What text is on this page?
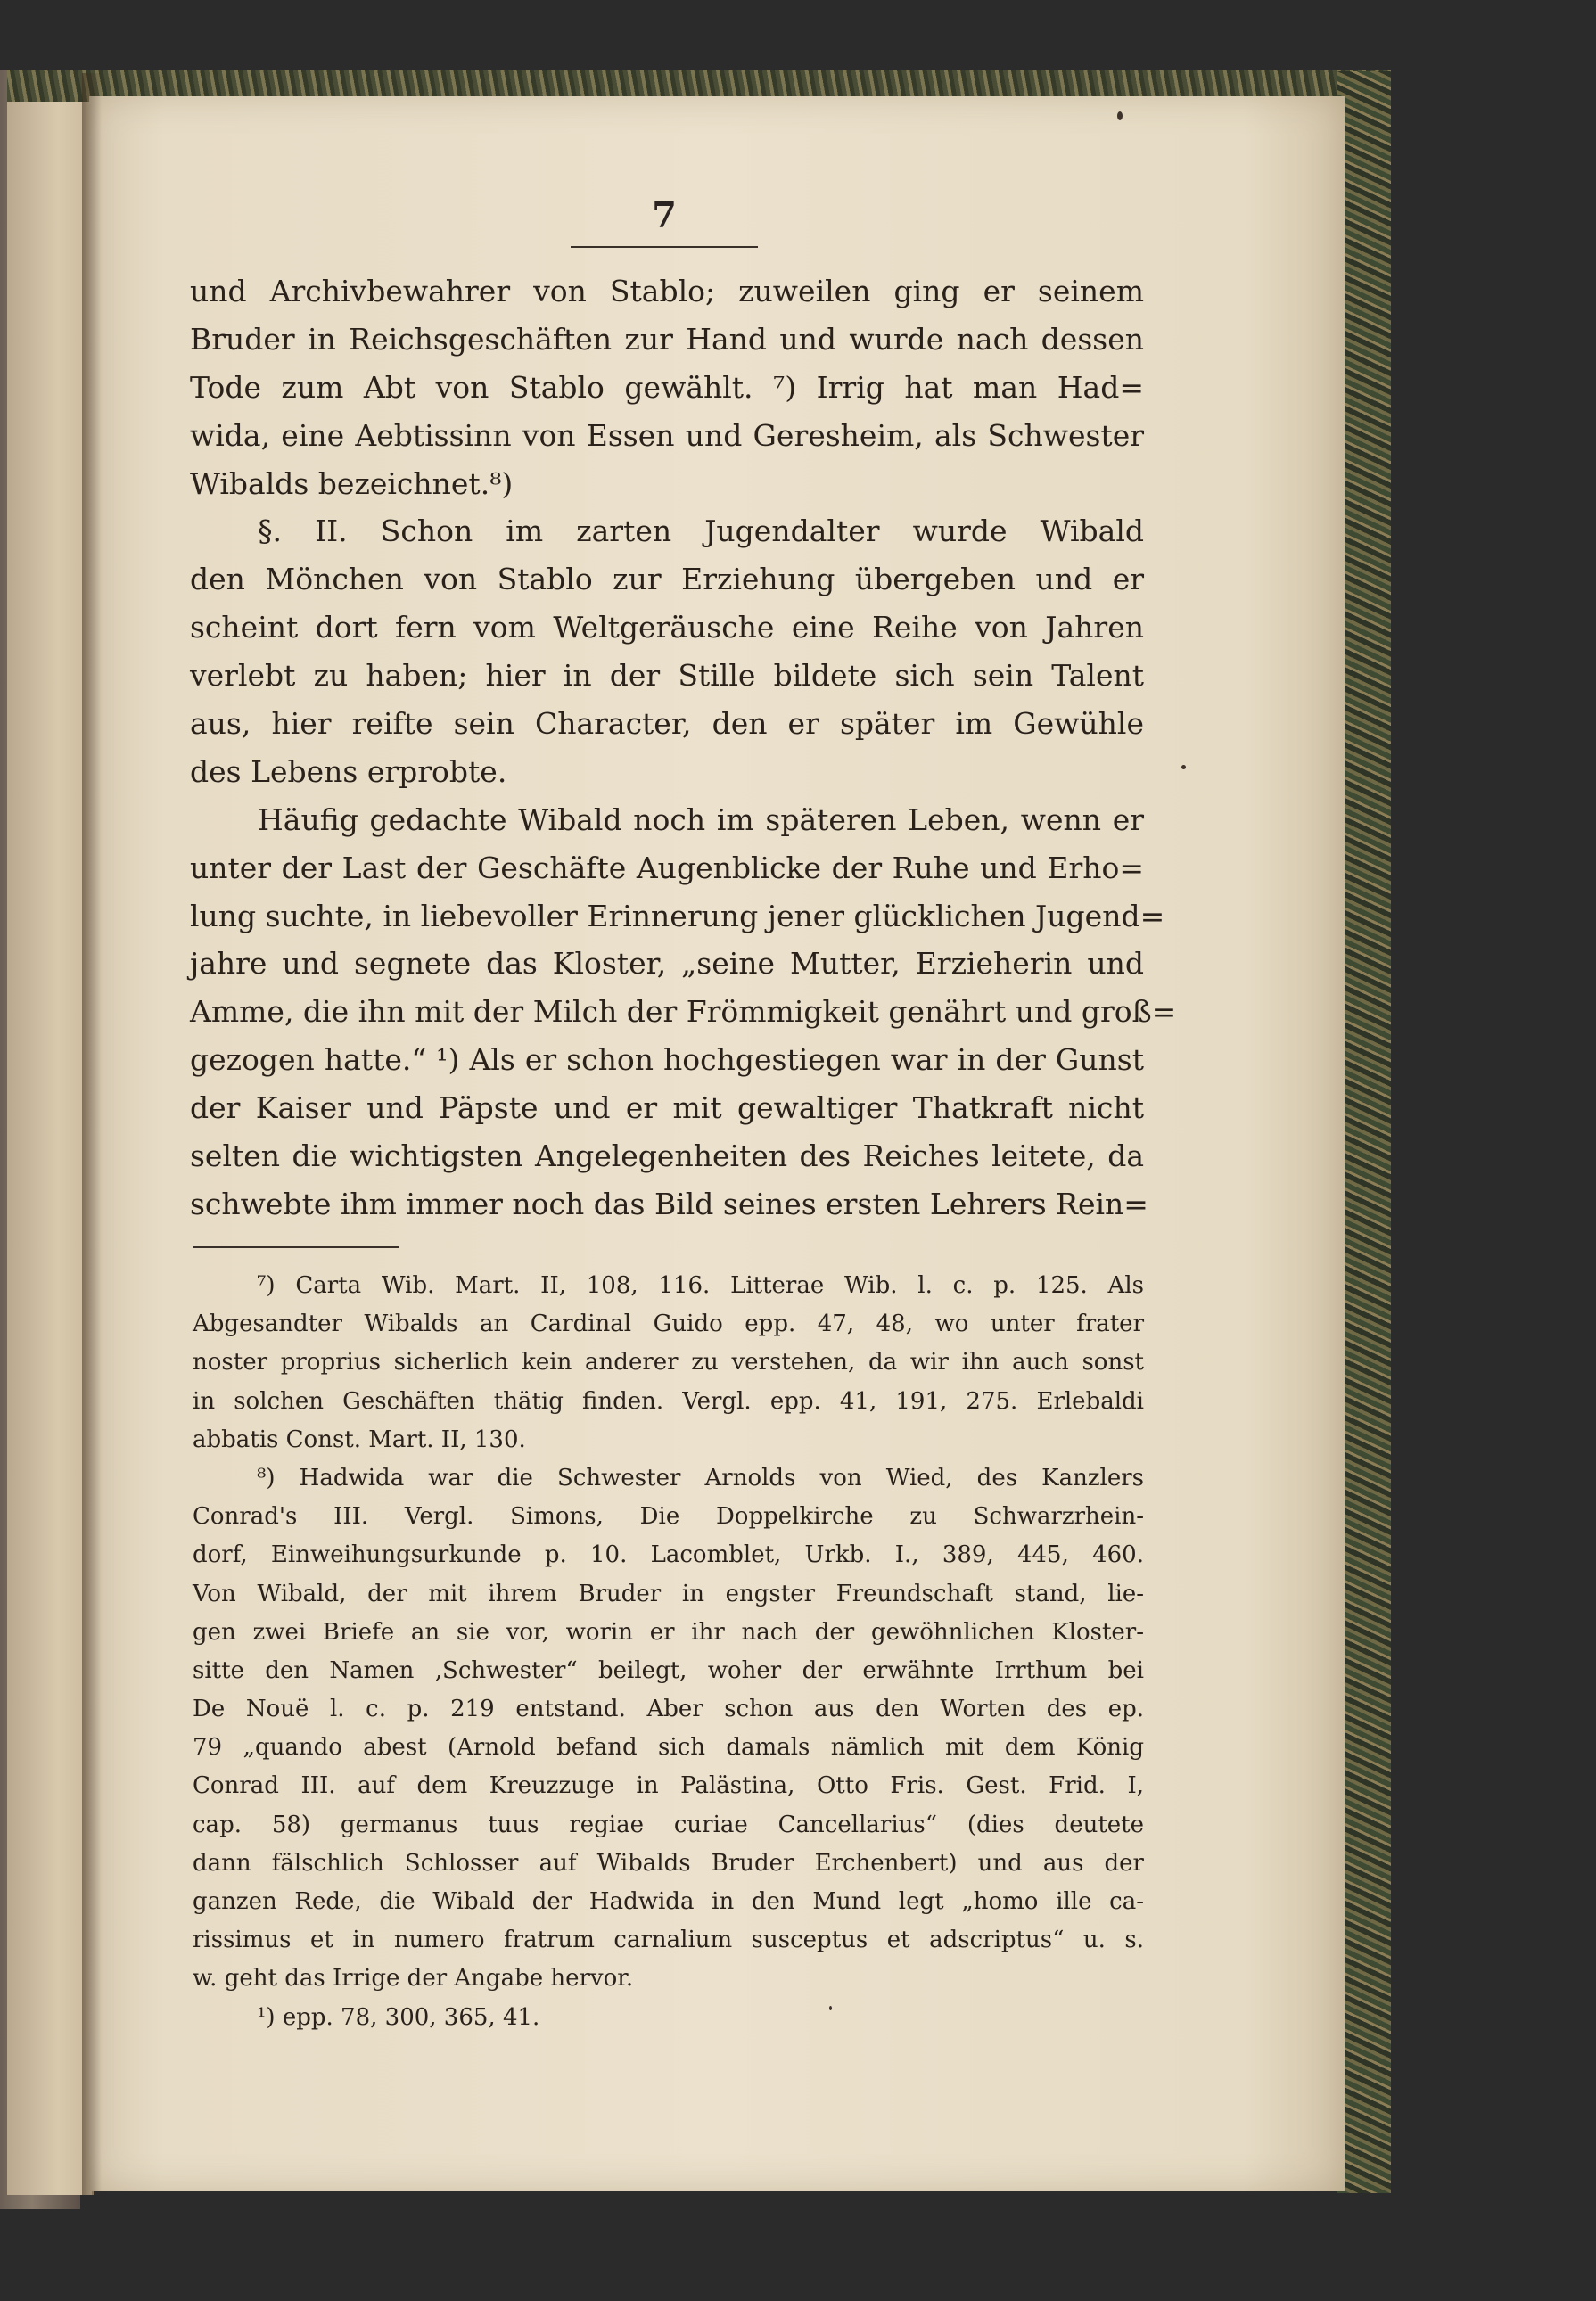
7
und Archivbewahrer von Stablo; zuweilen ging er seinem
Bruder in Reichsgeschäften zur Hand und wurde nach dessen
Tode zum Abt von Stablo gewählt. ⁷) Irrig hat man Had=
wida, eine Aebtissinn von Essen und Geresheim, als Schwester
Wibalds bezeichnet.⁸)
§. II. Schon im zarten Jugendalter wurde Wibald
den Mönchen von Stablo zur Erziehung übergeben und er
scheint dort fern vom Weltgeräusche eine Reihe von Jahren
verlebt zu haben; hier in der Stille bildete sich sein Talent
aus, hier reifte sein Character, den er später im Gewühle
des Lebens erprobte.
Häufig gedachte Wibald noch im späteren Leben, wenn er
unter der Last der Geschäfte Augenblicke der Ruhe und Erho=
lung suchte, in liebevoller Erinnerung jener glücklichen Jugend=
jahre und segnete das Kloster, „seine Mutter, Erzieherin und
Amme, die ihn mit der Milch der Frömmigkeit genährt und groß=
gezogen hatte.“ ¹) Als er schon hochgestiegen war in der Gunst
der Kaiser und Päpste und er mit gewaltiger Thatkraft nicht
selten die wichtigsten Angelegenheiten des Reiches leitete, da
schwebte ihm immer noch das Bild seines ersten Lehrers Rein=
⁷) Carta Wib. Mart. II, 108, 116. Litterae Wib. l. c. p. 125. Als
Abgesandter Wibalds an Cardinal Guido epp. 47, 48, wo unter frater
noster proprius sicherlich kein anderer zu verstehen, da wir ihn auch sonst
in solchen Geschäften thätig finden. Vergl. epp. 41, 191, 275. Erlebaldi
abbatis Const. Mart. II, 130.
⁸) Hadwida war die Schwester Arnolds von Wied, des Kanzlers
Conrad's III. Vergl. Simons, Die Doppelkirche zu Schwarzrhein-
dorf, Einweihungsurkunde p. 10. Lacomblet, Urkb. I., 389, 445, 460.
Von Wibald, der mit ihrem Bruder in engster Freundschaft stand, lie-
gen zwei Briefe an sie vor, worin er ihr nach der gewöhnlichen Kloster-
sitte den Namen ‚Schwester“ beilegt, woher der erwähnte Irrthum bei
De Nouë l. c. p. 219 entstand. Aber schon aus den Worten des ep.
79 „quando abest (Arnold befand sich damals nämlich mit dem König
Conrad III. auf dem Kreuzzuge in Palästina, Otto Fris. Gest. Frid. I,
cap. 58) germanus tuus regiae curiae Cancellarius“ (dies deutete
dann fälschlich Schlosser auf Wibalds Bruder Erchenbert) und aus der
ganzen Rede, die Wibald der Hadwida in den Mund legt „homo ille ca-
rissimus et in numero fratrum carnalium susceptus et adscriptus“ u. s.
w. geht das Irrige der Angabe hervor.
¹) epp. 78, 300, 365, 41.
